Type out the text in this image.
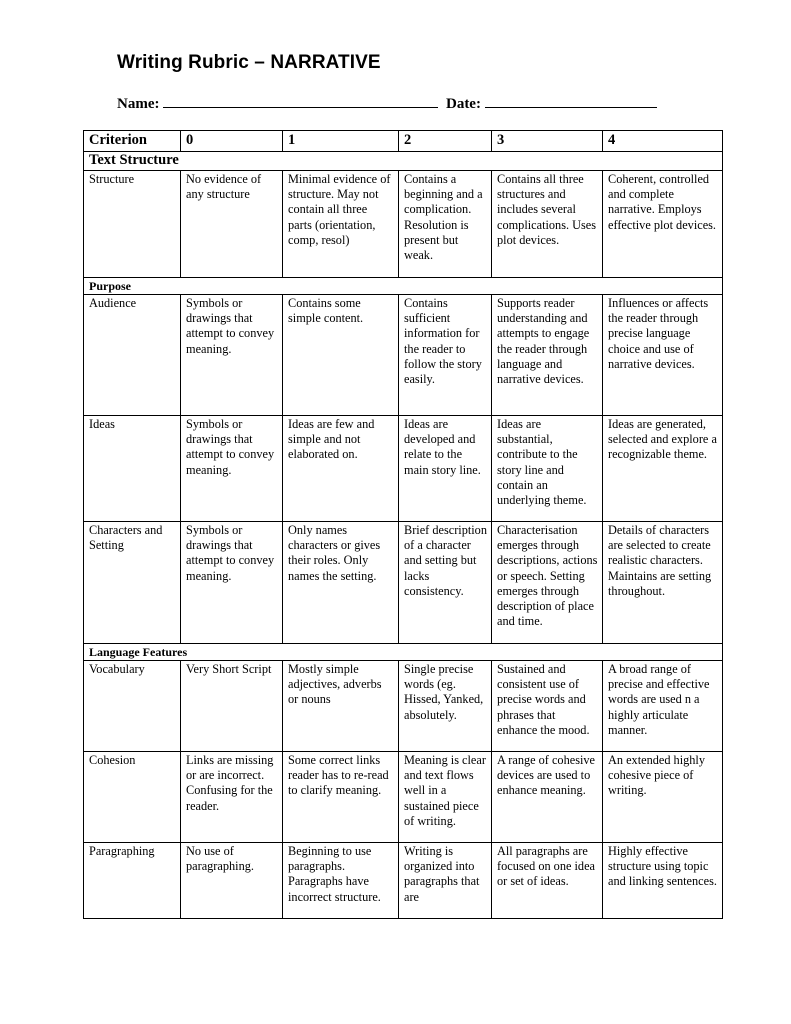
Writing Rubric – NARRATIVE
Name:	Date:
Criterion	0	1	2	3	4
Text Structure					
Structure	No evidence of any structure	Minimal evidence of structure. May not contain all three parts (orientation, comp, resol)	Contains a beginning and a complication. Resolution is present but weak.	Contains all three structures and includes several complications. Uses plot devices.	Coherent, controlled and complete narrative. Employs effective plot devices.
Purpose					
Audience	Symbols or drawings that attempt to convey meaning.	Contains some simple content.	Contains sufficient information for the reader to follow the story easily.	Supports reader understanding and attempts to engage the reader through language and narrative devices.	Influences or affects the reader through precise language choice and use of narrative devices.
Ideas	Symbols or drawings that attempt to convey meaning.	Ideas are few and simple and not elaborated on.	Ideas are developed and relate to the main story line.	Ideas are substantial, contribute to the story line and contain an underlying theme.	Ideas are generated, selected and explore a recognizable theme.
Characters and Setting	Symbols or drawings that attempt to convey meaning.	Only names characters or gives their roles. Only names the setting.	Brief description of a character and setting but lacks consistency.	Characterisation emerges through descriptions, actions or speech. Setting emerges through description of place and time.	Details of characters are selected to create realistic characters. Maintains are setting throughout.
Language Features					
Vocabulary	Very Short Script	Mostly simple adjectives, adverbs or nouns	Single precise words (eg. Hissed, Yanked, absolutely.	Sustained and consistent use of precise words and phrases that enhance the mood.	A broad range of precise and effective words are used n a highly articulate manner.
Cohesion	Links are missing or are incorrect. Confusing for the reader.	Some correct links reader has to re-read to clarify meaning.	Meaning is clear and text flows well in a sustained piece of writing.	A range of cohesive devices are used to enhance meaning.	An extended highly cohesive piece of writing.
Paragraphing	No use of paragraphing.	Beginning to use paragraphs. Paragraphs have incorrect structure.	Writing is organized into paragraphs that are	All paragraphs are focused on one idea or set of ideas.	Highly effective structure using topic and linking sentences.
